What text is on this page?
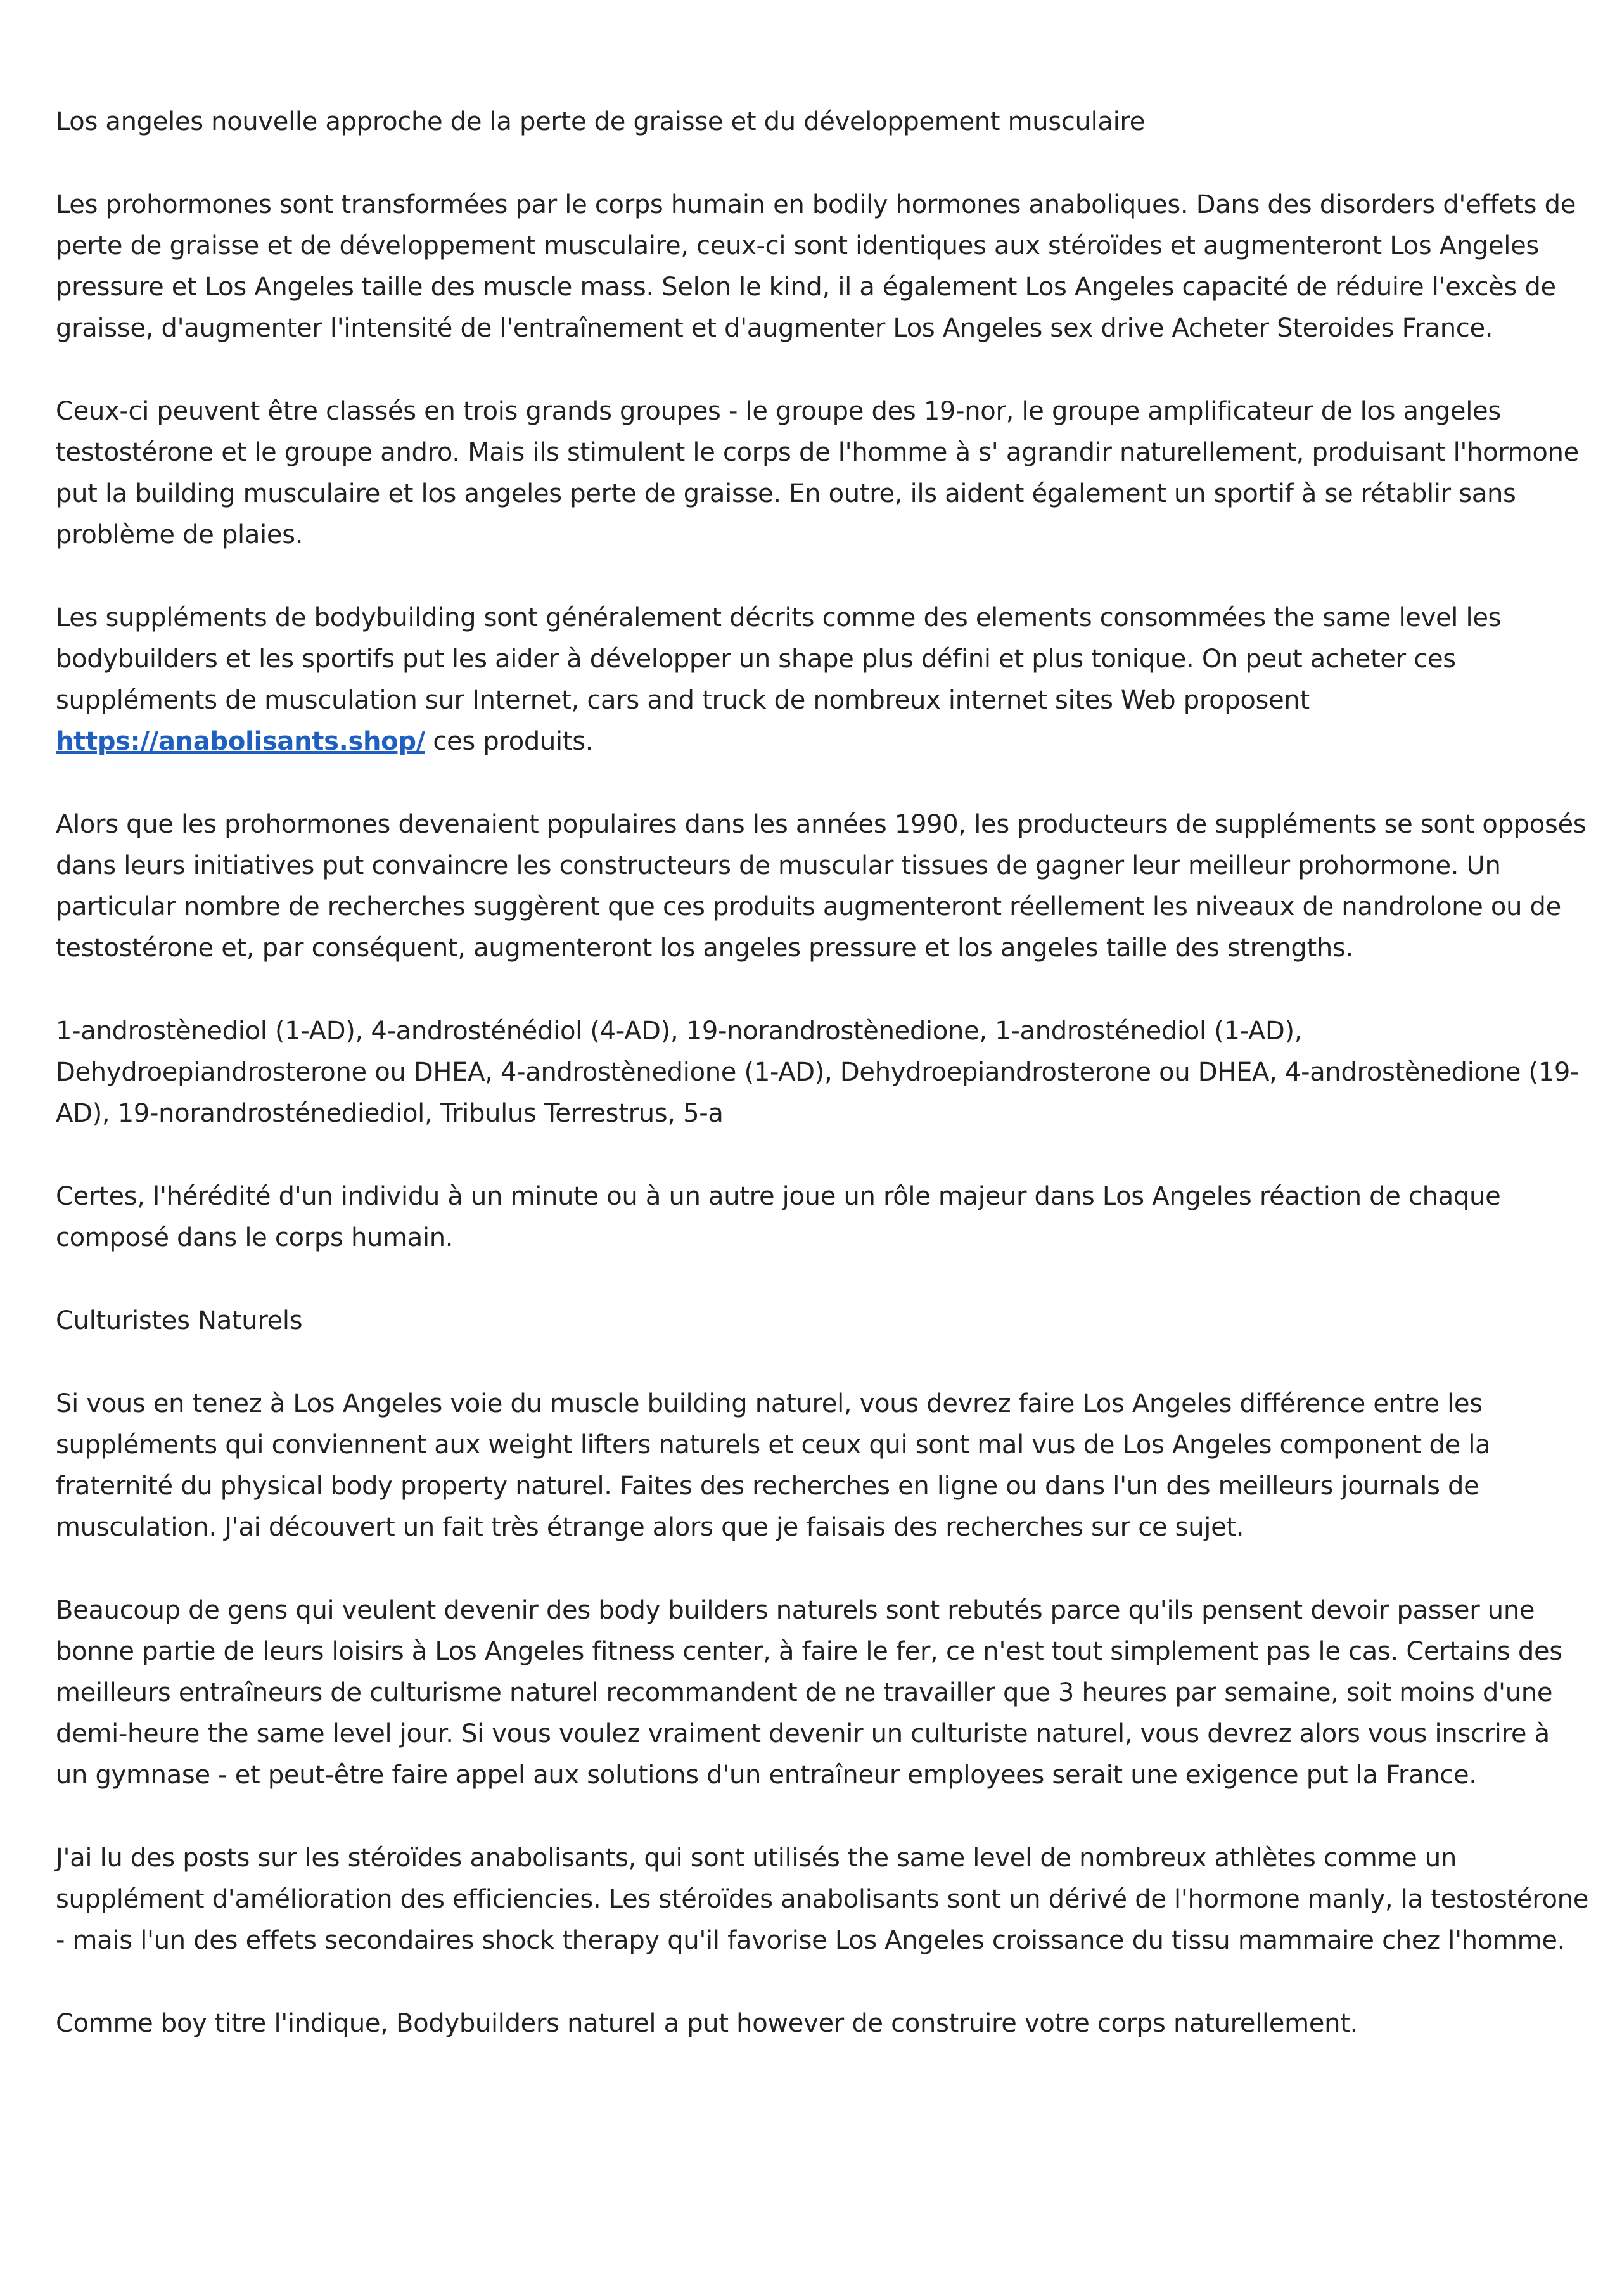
Los angeles nouvelle approche de la perte de graisse et du développement musculaire

Les prohormones sont transformées par le corps humain en bodily hormones anaboliques. Dans des disorders d'effets de perte de graisse et de développement musculaire, ceux-ci sont identiques aux stéroïdes et augmenteront Los Angeles pressure et Los Angeles taille des muscle mass. Selon le kind, il a également Los Angeles capacité de réduire l'excès de graisse, d'augmenter l'intensité de l'entraînement et d'augmenter Los Angeles sex drive Acheter Steroides France.

Ceux-ci peuvent être classés en trois grands groupes - le groupe des 19-nor, le groupe amplificateur de los angeles testostérone et le groupe andro. Mais ils stimulent le corps de l'homme à s' agrandir naturellement, produisant l'hormone put la building musculaire et los angeles perte de graisse. En outre, ils aident également un sportif à se rétablir sans problème de plaies.

Les suppléments de bodybuilding sont généralement décrits comme des elements consommées the same level les bodybuilders et les sportifs put les aider à développer un shape plus défini et plus tonique. On peut acheter ces suppléments de musculation sur Internet, cars and truck de nombreux internet sites Web proposent https://anabolisants.shop/ ces produits.

Alors que les prohormones devenaient populaires dans les années 1990, les producteurs de suppléments se sont opposés dans leurs initiatives put convaincre les constructeurs de muscular tissues de gagner leur meilleur prohormone. Un particular nombre de recherches suggèrent que ces produits augmenteront réellement les niveaux de nandrolone ou de testostérone et, par conséquent, augmenteront los angeles pressure et los angeles taille des strengths.

1-androstènediol (1-AD), 4-androsténédiol (4-AD), 19-norandrostènedione, 1-androsténediol (1-AD), Dehydroepiandrosterone ou DHEA, 4-androstènedione (1-AD), Dehydroepiandrosterone ou DHEA, 4-androstènedione (19-AD), 19-norandrosténediediol, Tribulus Terrestrus, 5-a

Certes, l'hérédité d'un individu à un minute ou à un autre joue un rôle majeur dans Los Angeles réaction de chaque composé dans le corps humain.

Culturistes Naturels

Si vous en tenez à Los Angeles voie du muscle building naturel, vous devrez faire Los Angeles différence entre les suppléments qui conviennent aux weight lifters naturels et ceux qui sont mal vus de Los Angeles component de la fraternité du physical body property naturel. Faites des recherches en ligne ou dans l'un des meilleurs journals de musculation. J'ai découvert un fait très étrange alors que je faisais des recherches sur ce sujet.

Beaucoup de gens qui veulent devenir des body builders naturels sont rebutés parce qu'ils pensent devoir passer une bonne partie de leurs loisirs à Los Angeles fitness center, à faire le fer, ce n'est tout simplement pas le cas. Certains des meilleurs entraîneurs de culturisme naturel recommandent de ne travailler que 3 heures par semaine, soit moins d'une demi-heure the same level jour. Si vous voulez vraiment devenir un culturiste naturel, vous devrez alors vous inscrire à un gymnase - et peut-être faire appel aux solutions d'un entraîneur employees serait une exigence put la France.

J'ai lu des posts sur les stéroïdes anabolisants, qui sont utilisés the same level de nombreux athlètes comme un supplément d'amélioration des efficiencies. Les stéroïdes anabolisants sont un dérivé de l'hormone manly, la testostérone - mais l'un des effets secondaires shock therapy qu'il favorise Los Angeles croissance du tissu mammaire chez l'homme.

Comme boy titre l'indique, Bodybuilders naturel a put however de construire votre corps naturellement.
